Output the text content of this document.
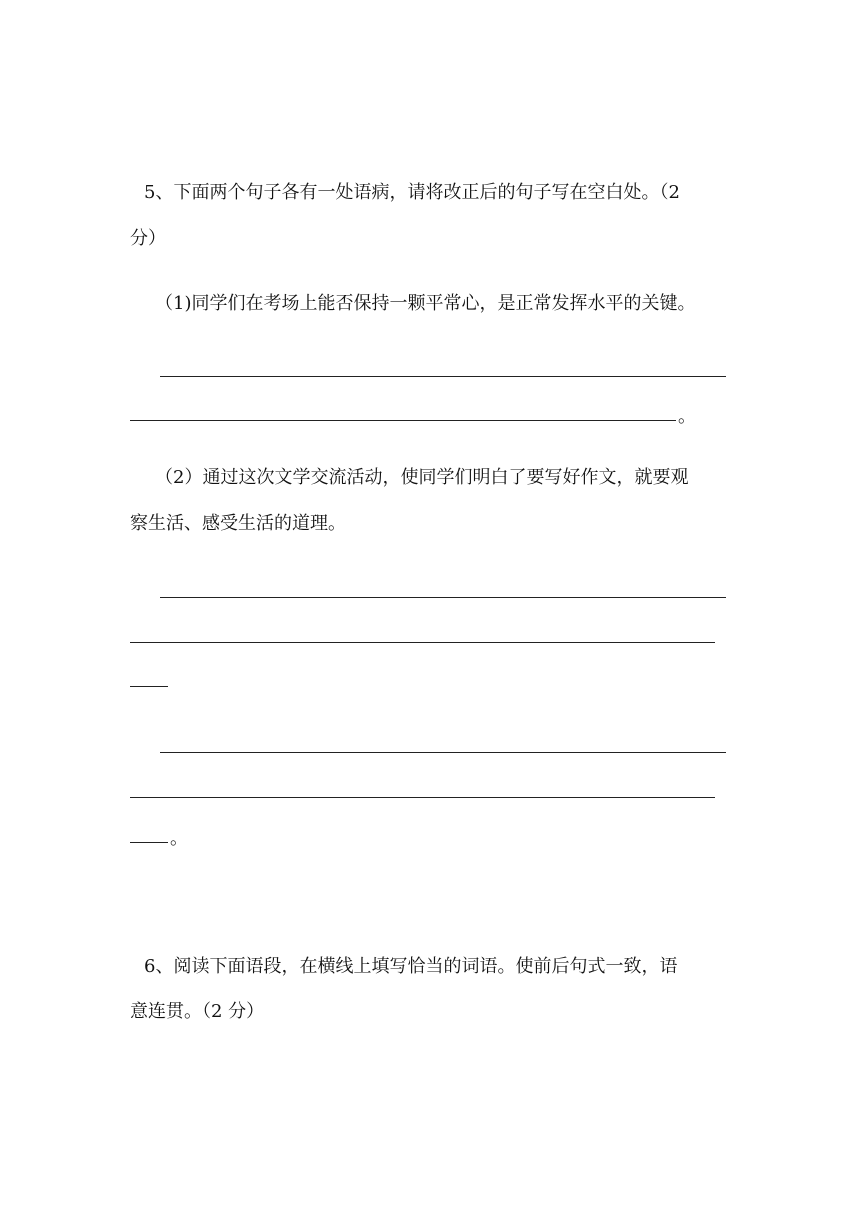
5、下面两个句子各有一处语病，请将改正后的句子写在空白处。（2
分）
（1)同学们在考场上能否保持一颗平常心，是正常发挥水平的关键。
。
（2）通过这次文学交流活动，使同学们明白了要写好作文，就要观
察生活、感受生活的道理。
。
6、阅读下面语段，在横线上填写恰当的词语。使前后句式一致，语
意连贯。（2 分）
